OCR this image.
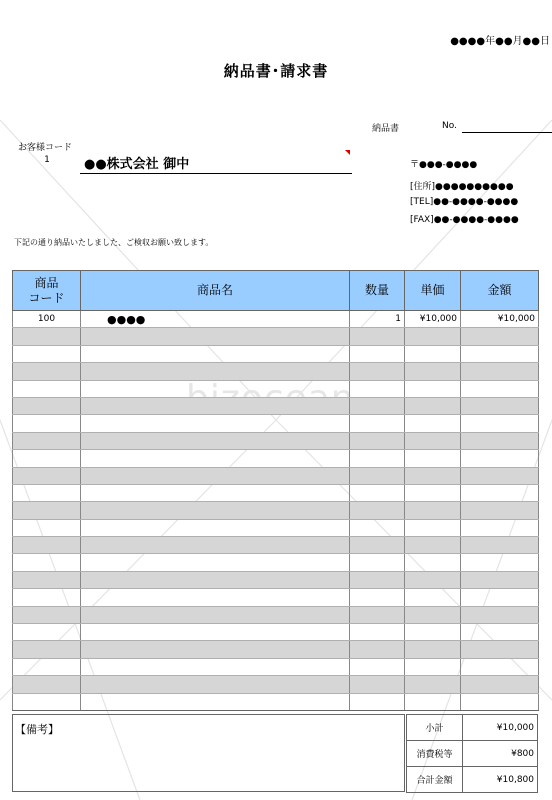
●●●●年●●月●●日
納品書･請求書
納品書	No.
お客様コード
1	●●株式会社 御中	〒●●●-●●●●
[住所]●●●●●●●●●●
[TEL]●●-●●●●-●●●●
[FAX]●●-●●●●-●●●●
下記の通り納品いたしました、ご検収お願い致します。
商品
コード	商品名	数量	単価	金額
100	●●●●	1	¥10,000	¥10,000

【備考】	小計	¥10,000
消費税等	¥800
合計金額	¥10,800
